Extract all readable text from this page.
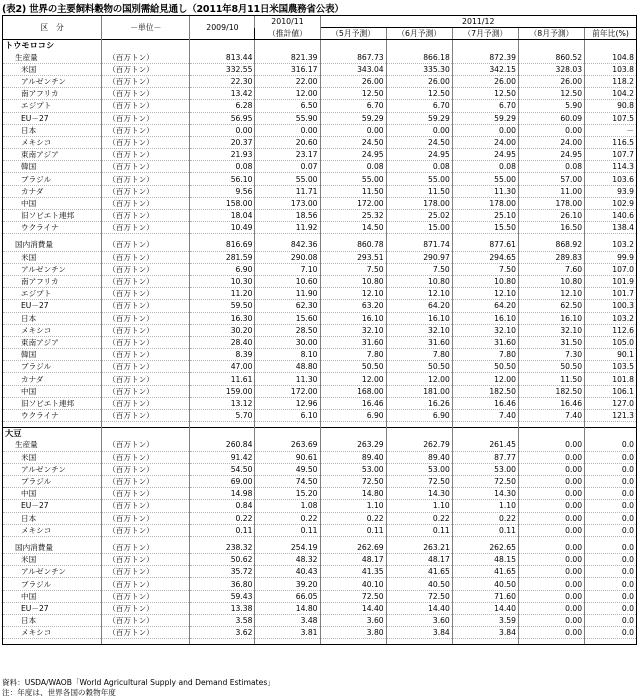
(表2) 世界の主要飼料穀物の国別需給見通し（2011年8月11日米国農務省公表）
区　分	－単位－	2009/10	2010/11	2011/12				
			（推計値）	（5月予測）	（6月予測）	（7月予測）	（8月予測）	前年比(%)
トウモロコシ								
生産量	（百万トン）	813.44	821.39	867.73	866.18	872.39	860.52	104.8
米国	（百万トン）	332.55	316.17	343.04	335.30	342.15	328.03	103.8
アルゼンチン	（百万トン）	22.30	22.00	26.00	26.00	26.00	26.00	118.2
南アフリカ	（百万トン）	13.42	12.00	12.50	12.50	12.50	12.50	104.2
エジプト	（百万トン）	6.28	6.50	6.70	6.70	6.70	5.90	90.8
EU－27	（百万トン）	56.95	55.90	59.29	59.29	59.29	60.09	107.5
日本	（百万トン）	0.00	0.00	0.00	0.00	0.00	0.00	－
メキシコ	（百万トン）	20.37	20.60	24.50	24.50	24.00	24.00	116.5
東南アジア	（百万トン）	21.93	23.17	24.95	24.95	24.95	24.95	107.7
韓国	（百万トン）	0.08	0.07	0.08	0.08	0.08	0.08	114.3
ブラジル	（百万トン）	56.10	55.00	55.00	55.00	55.00	57.00	103.6
カナダ	（百万トン）	9.56	11.71	11.50	11.50	11.30	11.00	93.9
中国	（百万トン）	158.00	173.00	172.00	178.00	178.00	178.00	102.9
旧ソビエト連邦	（百万トン）	18.04	18.56	25.32	25.02	25.10	26.10	140.6
ウクライナ	（百万トン）	10.49	11.92	14.50	15.00	15.50	16.50	138.4

国内消費量	（百万トン）	816.69	842.36	860.78	871.74	877.61	868.92	103.2
米国	（百万トン）	281.59	290.08	293.51	290.97	294.65	289.83	99.9
アルゼンチン	（百万トン）	6.90	7.10	7.50	7.50	7.50	7.60	107.0
南アフリカ	（百万トン）	10.30	10.60	10.80	10.80	10.80	10.80	101.9
エジプト	（百万トン）	11.20	11.90	12.10	12.10	12.10	12.10	101.7
EU－27	（百万トン）	59.50	62.30	63.20	64.20	64.20	62.50	100.3
日本	（百万トン）	16.30	15.60	16.10	16.10	16.10	16.10	103.2
メキシコ	（百万トン）	30.20	28.50	32.10	32.10	32.10	32.10	112.6
東南アジア	（百万トン）	28.40	30.00	31.60	31.60	31.60	31.50	105.0
韓国	（百万トン）	8.39	8.10	7.80	7.80	7.80	7.30	90.1
ブラジル	（百万トン）	47.00	48.80	50.50	50.50	50.50	50.50	103.5
カナダ	（百万トン）	11.61	11.30	12.00	12.00	12.00	11.50	101.8
中国	（百万トン）	159.00	172.00	168.00	181.00	182.50	182.50	106.1
旧ソビエト連邦	（百万トン）	13.12	12.96	16.46	16.26	16.46	16.46	127.0
ウクライナ	（百万トン）	5.70	6.10	6.90	6.90	7.40	7.40	121.3

大豆								
生産量	（百万トン）	260.84	263.69	263.29	262.79	261.45	0.00	0.0
米国	（百万トン）	91.42	90.61	89.40	89.40	87.77	0.00	0.0
アルゼンチン	（百万トン）	54.50	49.50	53.00	53.00	53.00	0.00	0.0
ブラジル	（百万トン）	69.00	74.50	72.50	72.50	72.50	0.00	0.0
中国	（百万トン）	14.98	15.20	14.80	14.30	14.30	0.00	0.0
EU－27	（百万トン）	0.84	1.08	1.10	1.10	1.10	0.00	0.0
日本	（百万トン）	0.22	0.22	0.22	0.22	0.22	0.00	0.0
メキシコ	（百万トン）	0.11	0.11	0.11	0.11	0.11	0.00	0.0

国内消費量	（百万トン）	238.32	254.19	262.69	263.21	262.65	0.00	0.0
米国	（百万トン）	50.62	48.32	48.17	48.17	48.15	0.00	0.0
アルゼンチン	（百万トン）	35.72	40.43	41.35	41.65	41.65	0.00	0.0
ブラジル	（百万トン）	36.80	39.20	40.10	40.50	40.50	0.00	0.0
中国	（百万トン）	59.43	66.05	72.50	72.50	71.60	0.00	0.0
EU－27	（百万トン）	13.38	14.80	14.40	14.40	14.40	0.00	0.0
日本	（百万トン）	3.58	3.48	3.60	3.60	3.59	0.00	0.0
メキシコ	（百万トン）	3.62	3.81	3.80	3.84	3.84	0.00	0.0

資料：USDA/WAOB「World Agricultural Supply and Demand Estimates」
注：年度は、世界各国の穀物年度
